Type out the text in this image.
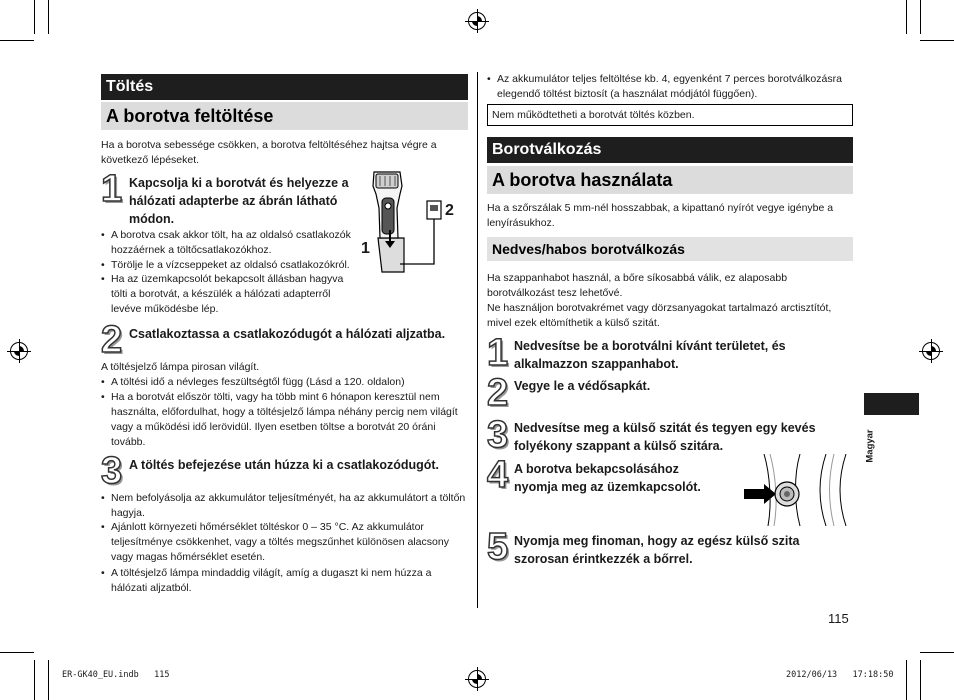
Töltés
A borotva feltöltése
Ha a borotva sebessége csökken, a borotva feltöltéséhez hajtsa végre a következő lépéseket.
1 Kapcsolja ki a borotvát és helyezze a hálózati adapterbe az ábrán látható módon.
• A borotva csak akkor tölt, ha az oldalsó csatlakozók hozzáérnek a töltőcsatlakozókhoz.
• Törölje le a vízcseppeket az oldalsó csatlakozókról.
• Ha az üzemkapcsolót bekapcsolt állásban hagyva tölti a borotvát, a készülék a hálózati adapterről levéve működésbe lép.
1
2
2 Csatlakoztassa a csatlakozódugót a hálózati aljzatba.
A töltésjelző lámpa pirosan világít.
• A töltési idő a névleges feszültségtől függ (Lásd a 120. oldalon)
• Ha a borotvát először tölti, vagy ha több mint 6 hónapon keresztül nem használta, előfordulhat, hogy a töltésjelző lámpa néhány percig nem világít vagy a működési idő lerövidül. Ilyen esetben töltse a borotvát 20 óráni tovább.
3 A töltés befejezése után húzza ki a csatlakozódugót.
• Nem befolyásolja az akkumulátor teljesítményét, ha az akkumulátort a töltőn hagyja.
• Ajánlott környezeti hőmérséklet töltéskor 0 – 35 °C. Az akkumulátor teljesítménye csökkenhet, vagy a töltés megszűnhet különösen alacsony vagy magas hőmérséklet esetén.
• A töltésjelző lámpa mindaddig világít, amíg a dugaszt ki nem húzza a hálózati aljzatból.
• Az akkumulátor teljes feltöltése kb. 4, egyenként 7 perces borotválkozásra elegendő töltést biztosít (a használat módjától függően).
Nem működtetheti a borotvát töltés közben.
Borotválkozás
A borotva használata
Ha a szőrszálak 5 mm-nél hosszabbak, a kipattanó nyírót vegye igénybe a lenyírásukhoz.
Nedves/habos borotválkozás
Ha szappanhabot használ, a bőre síkosabbá válik, ez alaposabb borotválkozást tesz lehetővé.
Ne használjon borotvakrémet vagy dörzsanyagokat tartalmazó arctisztítót, mivel ezek eltömíthetik a külső szitát.
1 Nedvesítse be a borotválni kívánt területet, és alkalmazzon szappanhabot.
2 Vegye le a védősapkát.
3 Nedvesítse meg a külső szitát és tegyen egy kevés folyékony szappant a külső szitára.
4 A borotva bekapcsolásához nyomja meg az üzemkapcsolót.
5 Nyomja meg finoman, hogy az egész külső szita szorosan érintkezzék a bőrrel.
Magyar
115
ER-GK40_EU.indb   115	2012/06/13   17:18:50
